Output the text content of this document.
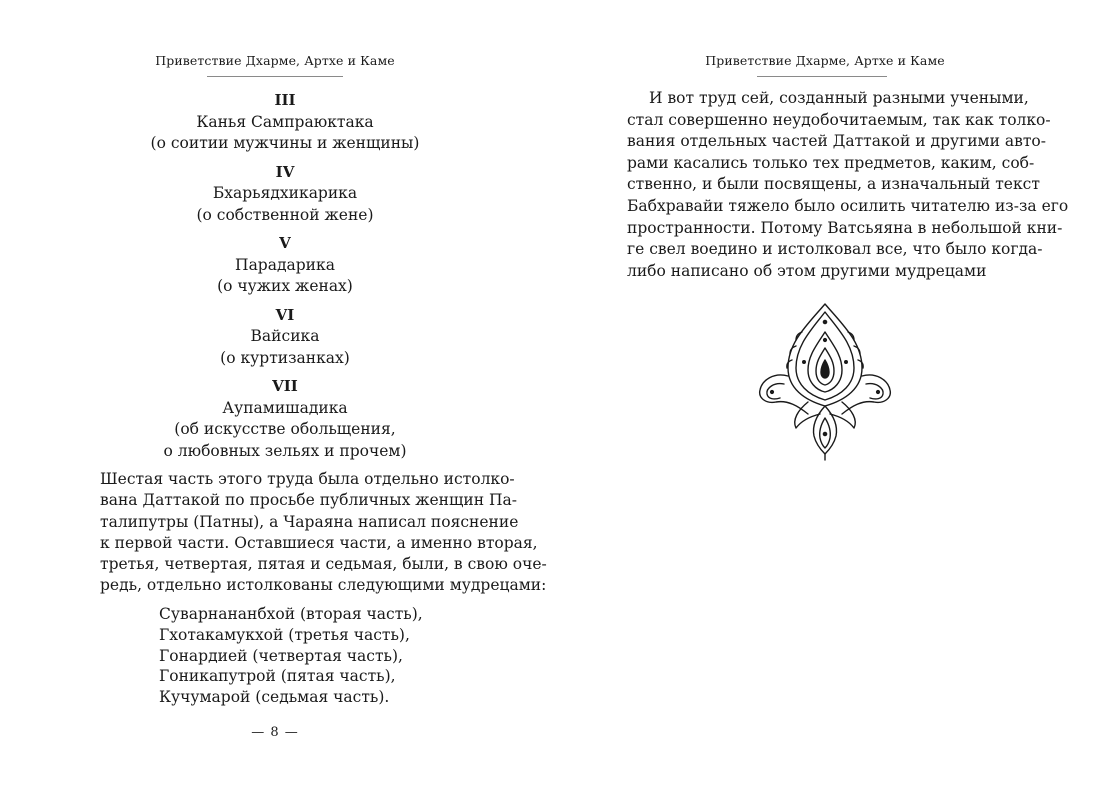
Приветствие Дхарме, Артхе и Каме
III
Канья Сампраюктака
(о соитии мужчины и женщины)
IV
Бхарьядхикарика
(о собственной жене)
V
Парадарика
(о чужих женах)
VI
Вайсика
(о куртизанках)
VII
Аупамишадика
(об искусстве обольщения,
о любовных зельях и прочем)
Шестая часть этого труда была отдельно истолко-
вана Даттакой по просьбе публичных женщин Па-
талипутры (Патны), а Чараяна написал пояснение
к первой части. Оставшиеся части, а именно вторая,
третья, четвертая, пятая и седьмая, были, в свою оче-
редь, отдельно истолкованы следующими мудрецами:
Суварнананбхой (вторая часть),
Гхотакамукхой (третья часть),
Гонардией (четвертая часть),
Гоникапутрой (пятая часть),
Кучумарой (седьмая часть).
— 8 —
Приветствие Дхарме, Артхе и Каме
И вот труд сей, созданный разными учеными,
стал совершенно неудобочитаемым, так как толко-
вания отдельных частей Даттакой и другими авто-
рами касались только тех предметов, каким, соб-
ственно, и были посвящены, а изначальный текст
Бабхравайи тяжело было осилить читателю из-за его
пространности. Потому Ватсьяяна в небольшой кни-
ге свел воедино и истолковал все, что было когда-
либо написано об этом другими мудрецами
